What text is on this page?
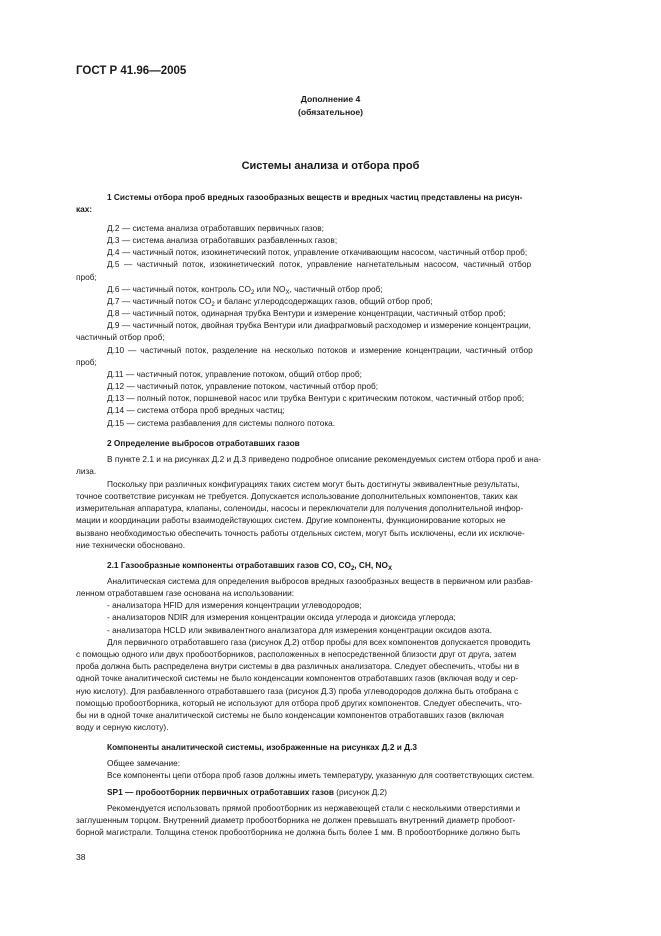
ГОСТ Р 41.96—2005
Дополнение 4
(обязательное)
Системы анализа и отбора проб
1 Системы отбора проб вредных газообразных веществ и вредных частиц представлены на рисун-
ках:
Д.2 — система анализа отработавших первичных газов;
Д.3 — система анализа отработавших разбавленных газов;
Д.4 — частичный поток, изокинетический поток, управление откачивающим насосом, частичный отбор проб;
Д.5 — частичный поток, изокинетический поток, управление нагнетательным насосом, частичный отбор
проб;
Д.6 — частичный поток, контроль $CO_2$ или $NO_X$, частичный отбор проб;
Д.7 — частичный поток $CO_2$ и баланс углеродсодержащих газов, общий отбор проб;
Д.8 — частичный поток, одинарная трубка Вентури и измерение концентрации, частичный отбор проб;
Д.9 — частичный поток, двойная трубка Вентури или диафрагмовый расходомер и измерение концентрации,
частичный отбор проб;
Д.10 — частичный поток, разделение на несколько потоков и измерение концентрации, частичный отбор
проб;
Д.11 — частичный поток, управление потоком, общий отбор проб;
Д.12 — частичный поток, управление потоком, частичный отбор проб;
Д.13 — полный поток, поршневой насос или трубка Вентури с критическим потоком, частичный отбор проб;
Д.14 — система отбора проб вредных частиц;
Д.15 — система разбавления для системы полного потока.
2 Определение выбросов отработавших газов
В пункте 2.1 и на рисунках Д.2 и Д.3 приведено подробное описание рекомендуемых систем отбора проб и ана-
лиза.
Поскольку при различных конфигурациях таких систем могут быть достигнуты эквивалентные результаты,
точное соответствие рисункам не требуется. Допускается использование дополнительных компонентов, таких как
измерительная аппаратура, клапаны, соленоиды, насосы и переключатели для получения дополнительной инфор-
мации и координации работы взаимодействующих систем. Другие компоненты, функционирование которых не
вызвано необходимостью обеспечить точность работы отдельных систем, могут быть исключены, если их исключе-
ние технически обосновано.
2.1 Газообразные компоненты отработавших газов CO, $CO_2$, CH, $NO_X$
Аналитическая система для определения выбросов вредных газообразных веществ в первичном или разбав-
ленном отработавшем газе основана на использовании:
- анализатора HFID для измерения концентрации углеводородов;
- анализаторов NDIR для измерения концентрации оксида углерода и диоксида углерода;
- анализатора HCLD или эквивалентного анализатора для измерения концентрации оксидов азота.
Для первичного отработавшего газа (рисунок Д.2) отбор пробы для всех компонентов допускается проводить
с помощью одного или двух пробоотборников, расположенных в непосредственной близости друг от друга, затем
проба должна быть распределена внутри системы в два различных анализатора. Следует обеспечить, чтобы ни в
одной точке аналитической системы не было конденсации компонентов отработавших газов (включая воду и сер-
ную кислоту). Для разбавленного отработавшего газа (рисунок Д.3) проба углеводородов должна быть отобрана с
помощью пробоотборника, который не используют для отбора проб других компонентов. Следует обеспечить, что-
бы ни в одной точке аналитической системы не было конденсации компонентов отработавших газов (включая
воду и серную кислоту).
Компоненты аналитической системы, изображенные на рисунках Д.2 и Д.3
Общее замечание:
Все компоненты цепи отбора проб газов должны иметь температуру, указанную для соответствующих систем.
SP1 — пробоотборник первичных отработавших газов (рисунок Д.2)
Рекомендуется использовать прямой пробоотборник из нержавеющей стали с несколькими отверстиями и
заглушенным торцом. Внутренний диаметр пробоотборника не должен превышать внутренний диаметр пробоот-
борной магистрали. Толщина стенок пробоотборника не должна быть более 1 мм. В пробоотборнике должно быть
38
